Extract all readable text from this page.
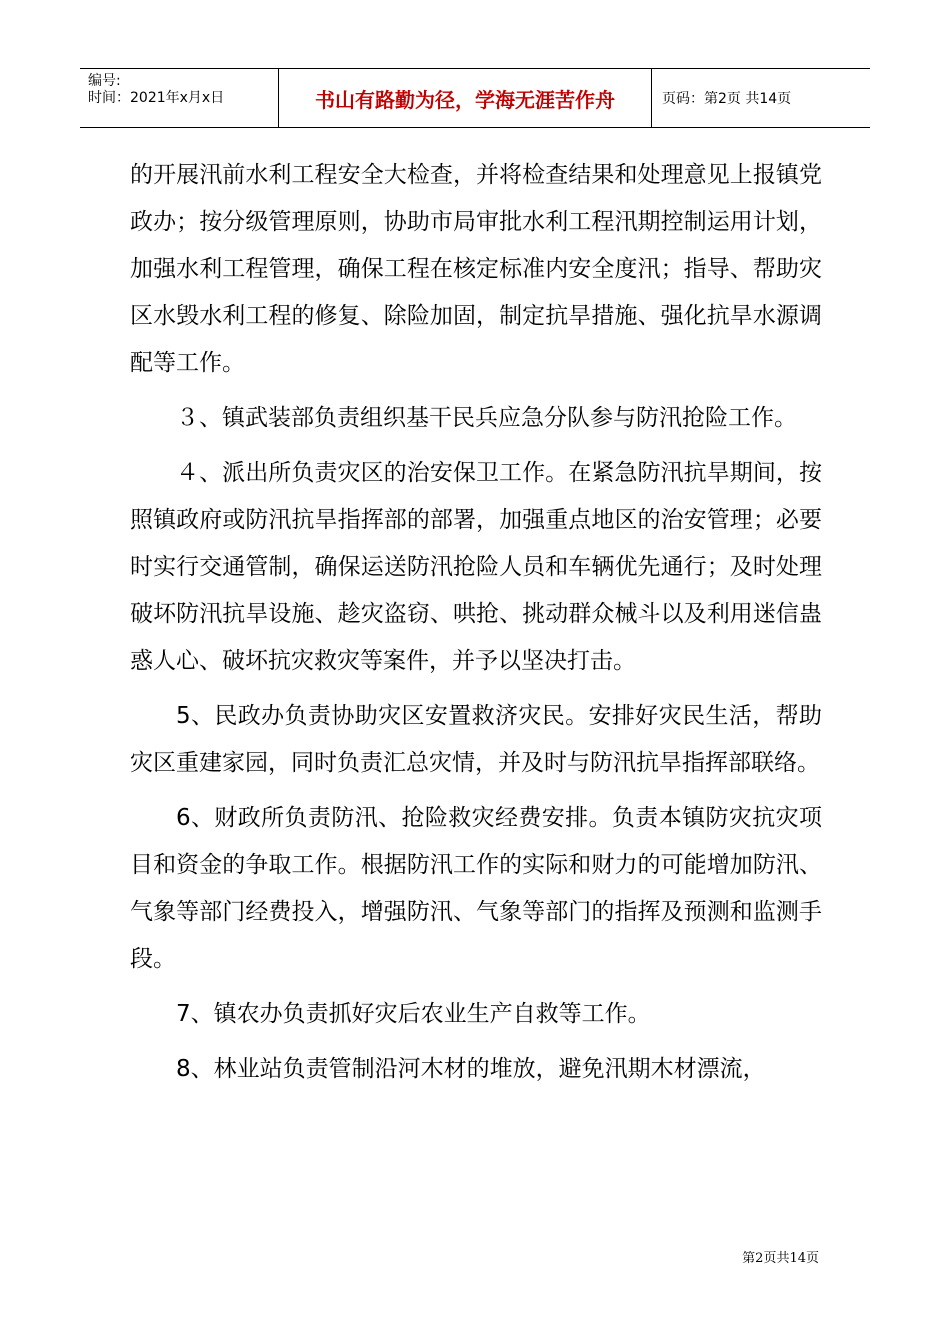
编号:
时间：2021年x月x日	书山有路勤为径，学海无涯苦作舟	页码：第2页 共14页

的开展汛前水利工程安全大检查，并将检查结果和处理意见上报镇党政办；按分级管理原则，协助市局审批水利工程汛期控制运用计划，加强水利工程管理，确保工程在核定标准内安全度汛；指导、帮助灾区水毁水利工程的修复、除险加固，制定抗旱措施、强化抗旱水源调配等工作。

３、镇武装部负责组织基干民兵应急分队参与防汛抢险工作。

４、派出所负责灾区的治安保卫工作。在紧急防汛抗旱期间，按照镇政府或防汛抗旱指挥部的部署，加强重点地区的治安管理；必要时实行交通管制，确保运送防汛抢险人员和车辆优先通行；及时处理破坏防汛抗旱设施、趁灾盗窃、哄抢、挑动群众械斗以及利用迷信蛊惑人心、破坏抗灾救灾等案件，并予以坚决打击。

5、民政办负责协助灾区安置救济灾民。安排好灾民生活，帮助灾区重建家园，同时负责汇总灾情，并及时与防汛抗旱指挥部联络。

6、财政所负责防汛、抢险救灾经费安排。负责本镇防灾抗灾项目和资金的争取工作。根据防汛工作的实际和财力的可能增加防汛、气象等部门经费投入，增强防汛、气象等部门的指挥及预测和监测手段。

7、镇农办负责抓好灾后农业生产自救等工作。

8、林业站负责管制沿河木材的堆放，避免汛期木材漂流，

第2页共14页
